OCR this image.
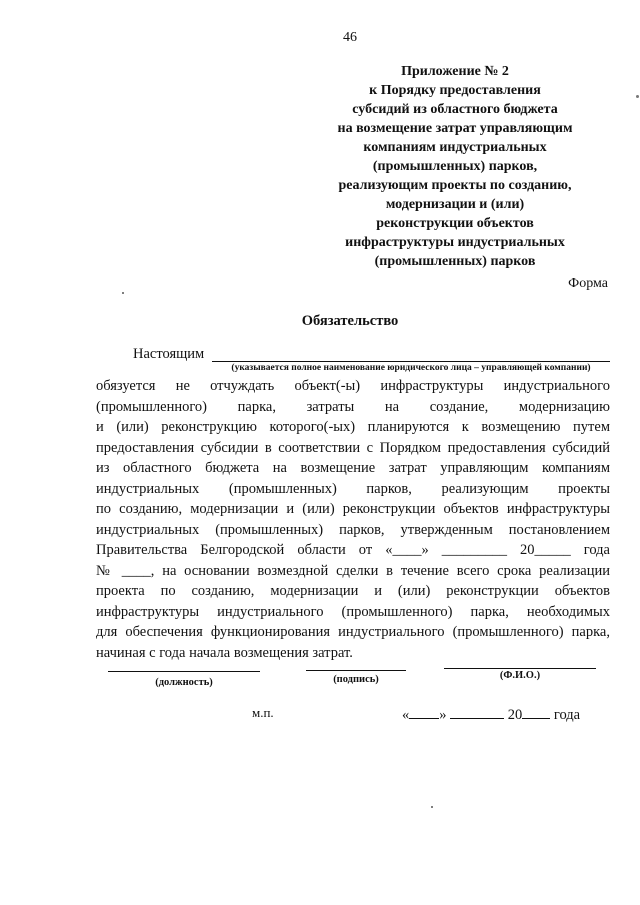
46
Приложение № 2
к Порядку предоставления
субсидий из областного бюджета
на возмещение затрат управляющим
компаниям индустриальных
(промышленных) парков,
реализующим проекты по созданию,
модернизации и (или)
реконструкции объектов
инфраструктуры индустриальных
(промышленных) парков
Форма
Обязательство
Настоящим
(указывается полное наименование юридического лица – управляющей компании)
обязуется не отчуждать объект(-ы) инфраструктуры индустриального
(промышленного) парка, затраты на создание, модернизацию
и (или) реконструкцию которого(-ых) планируются к возмещению путем
предоставления субсидии в соответствии с Порядком предоставления субсидий
из областного бюджета на возмещение затрат управляющим компаниям
индустриальных (промышленных) парков, реализующим проекты
по созданию, модернизации и (или) реконструкции объектов инфраструктуры
индустриальных (промышленных) парков, утвержденным постановлением
Правительства Белгородской области от «____» _________ 20_____ года
№ ____, на основании возмездной сделки в течение всего срока реализации
проекта по созданию, модернизации и (или) реконструкции объектов
инфраструктуры индустриального (промышленного) парка, необходимых
для обеспечения функционирования индустриального (промышленного) парка,
начиная с года начала возмещения затрат.
(должность)	(подпись)	(Ф.И.О.)
м.п.	« »	20 года
